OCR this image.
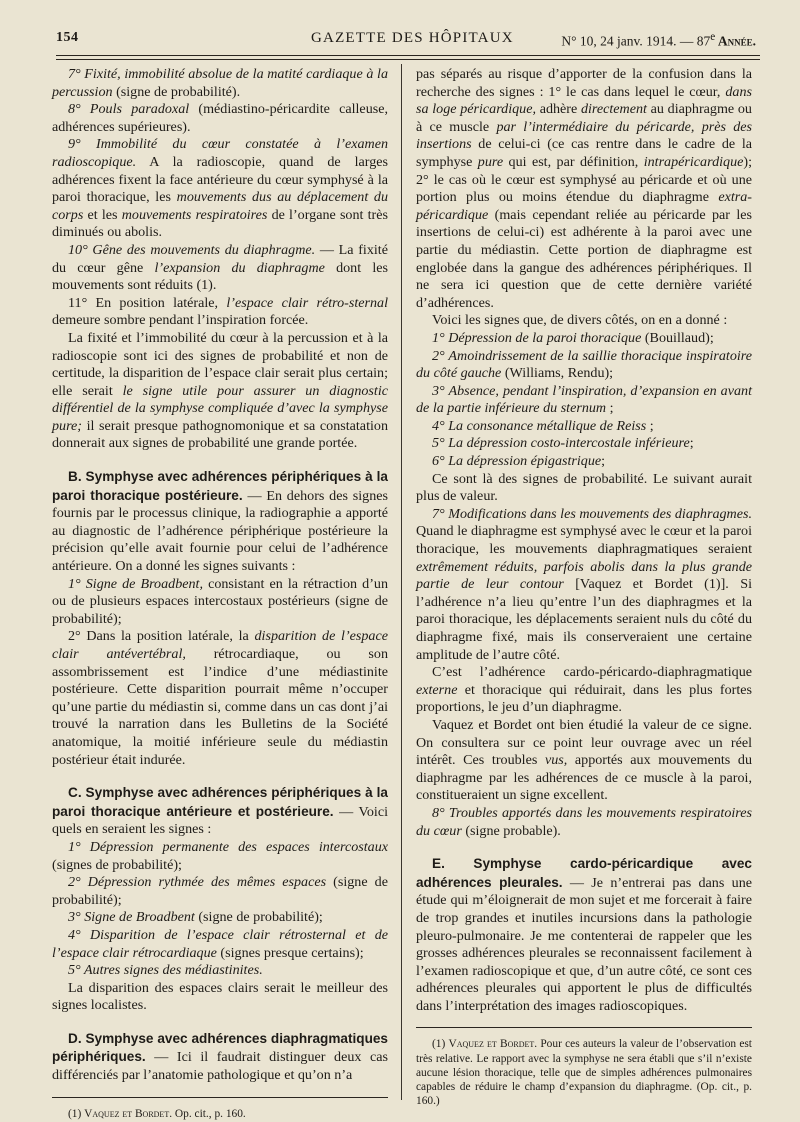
154	GAZETTE DES HÔPITAUX	N° 10, 24 janv. 1914. — 87e Année.

7° Fixité, immobilité absolue de la matité cardiaque à la percussion (signe de probabilité).

8° Pouls paradoxal (médiastino-péricardite calleuse, adhérences supérieures).

9° Immobilité du cœur constatée à l’examen radioscopique. A la radioscopie, quand de larges adhérences fixent la face antérieure du cœur symphysé à la paroi thoracique, les mouvements dus au déplacement du corps et les mouvements respiratoires de l’organe sont très diminués ou abolis.

10° Gêne des mouvements du diaphragme. — La fixité du cœur gêne l’expansion du diaphragme dont les mouvements sont réduits (1).

11° En position latérale, l’espace clair rétro-sternal demeure sombre pendant l’inspiration forcée.

La fixité et l’immobilité du cœur à la percussion et à la radioscopie sont ici des signes de probabilité et non de certitude, la disparition de l’espace clair serait plus certain; elle serait le signe utile pour assurer un diagnostic différentiel de la symphyse compliquée d’avec la symphyse pure; il serait presque pathognomonique et sa constatation donnerait aux signes de probabilité une grande portée.

B. Symphyse avec adhérences périphériques à la paroi thoracique postérieure. — En dehors des signes fournis par le processus clinique, la radiographie a apporté au diagnostic de l’adhérence périphérique postérieure la précision qu’elle avait fournie pour celui de l’adhérence antérieure. On a donné les signes suivants :

1° Signe de Broadbent, consistant en la rétraction d’un ou de plusieurs espaces intercostaux postérieurs (signe de probabilité);

2° Dans la position latérale, la disparition de l’espace clair antévertébral, rétrocardiaque, ou son assombrissement est l’indice d’une médiastinite postérieure. Cette disparition pourrait même n’occuper qu’une partie du médiastin si, comme dans un cas dont j’ai trouvé la narration dans les Bulletins de la Société anatomique, la moitié inférieure seule du médiastin postérieur était indurée.

C. Symphyse avec adhérences périphériques à la paroi thoracique antérieure et postérieure. — Voici quels en seraient les signes :

1° Dépression permanente des espaces intercostaux (signes de probabilité);

2° Dépression rythmée des mêmes espaces (signe de probabilité);

3° Signe de Broadbent (signe de probabilité);

4° Disparition de l’espace clair rétrosternal et de l’espace clair rétrocardiaque (signes presque certains);

5° Autres signes des médiastinites.

La disparition des espaces clairs serait le meilleur des signes localistes.

D. Symphyse avec adhérences diaphragmatiques périphériques. — Ici il faudrait distinguer deux cas différenciés par l’anatomie pathologique et qu’on n’a

(1) Vaquez et Bordet. Op. cit., p. 160.

pas séparés au risque d’apporter de la confusion dans la recherche des signes : 1° le cas dans lequel le cœur, dans sa loge péricardique, adhère directement au diaphragme ou à ce muscle par l’intermédiaire du péricarde, près des insertions de celui-ci (ce cas rentre dans le cadre de la symphyse pure qui est, par définition, intrapéricardique); 2° le cas où le cœur est symphysé au péricarde et où une portion plus ou moins étendue du diaphragme extra-péricardique (mais cependant reliée au péricarde par les insertions de celui-ci) est adhérente à la paroi avec une partie du médiastin. Cette portion de diaphragme est englobée dans la gangue des adhérences périphériques. Il ne sera ici question que de cette dernière variété d’adhérences.

Voici les signes que, de divers côtés, on en a donné :

1° Dépression de la paroi thoracique (Bouillaud);

2° Amoindrissement de la saillie thoracique inspiratoire du côté gauche (Williams, Rendu);

3° Absence, pendant l’inspiration, d’expansion en avant de la partie inférieure du sternum ;

4° La consonance métallique de Reiss ;

5° La dépression costo-intercostale inférieure;

6° La dépression épigastrique;

Ce sont là des signes de probabilité. Le suivant aurait plus de valeur.

7° Modifications dans les mouvements des diaphragmes. Quand le diaphragme est symphysé avec le cœur et la paroi thoracique, les mouvements diaphragmatiques seraient extrêmement réduits, parfois abolis dans la plus grande partie de leur contour [Vaquez et Bordet (1)]. Si l’adhérence n’a lieu qu’entre l’un des diaphragmes et la paroi thoracique, les déplacements seraient nuls du côté du diaphragme fixé, mais ils conserveraient une certaine amplitude de l’autre côté.

C’est l’adhérence cardo-péricardo-diaphragmatique externe et thoracique qui réduirait, dans les plus fortes proportions, le jeu d’un diaphragme.

Vaquez et Bordet ont bien étudié la valeur de ce signe. On consultera sur ce point leur ouvrage avec un réel intérêt. Ces troubles vus, apportés aux mouvements du diaphragme par les adhérences de ce muscle à la paroi, constitueraient un signe excellent.

8° Troubles apportés dans les mouvements respiratoires du cœur (signe probable).

E. Symphyse cardo-péricardique avec adhérences pleurales. — Je n’entrerai pas dans une étude qui m’éloignerait de mon sujet et me forcerait à faire de trop grandes et inutiles incursions dans la pathologie pleuro-pulmonaire. Je me contenterai de rappeler que les grosses adhérences pleurales se reconnaissent facilement à l’examen radioscopique et que, d’un autre côté, ce sont ces adhérences pleurales qui apportent le plus de difficultés dans l’interprétation des images radioscopiques.

(1) Vaquez et Bordet. Pour ces auteurs la valeur de l’observation est très relative. Le rapport avec la symphyse ne sera établi que s’il n’existe aucune lésion thoracique, telle que de simples adhérences pulmonaires capables de réduire le champ d’expansion du diaphragme. (Op. cit., p. 160.)
